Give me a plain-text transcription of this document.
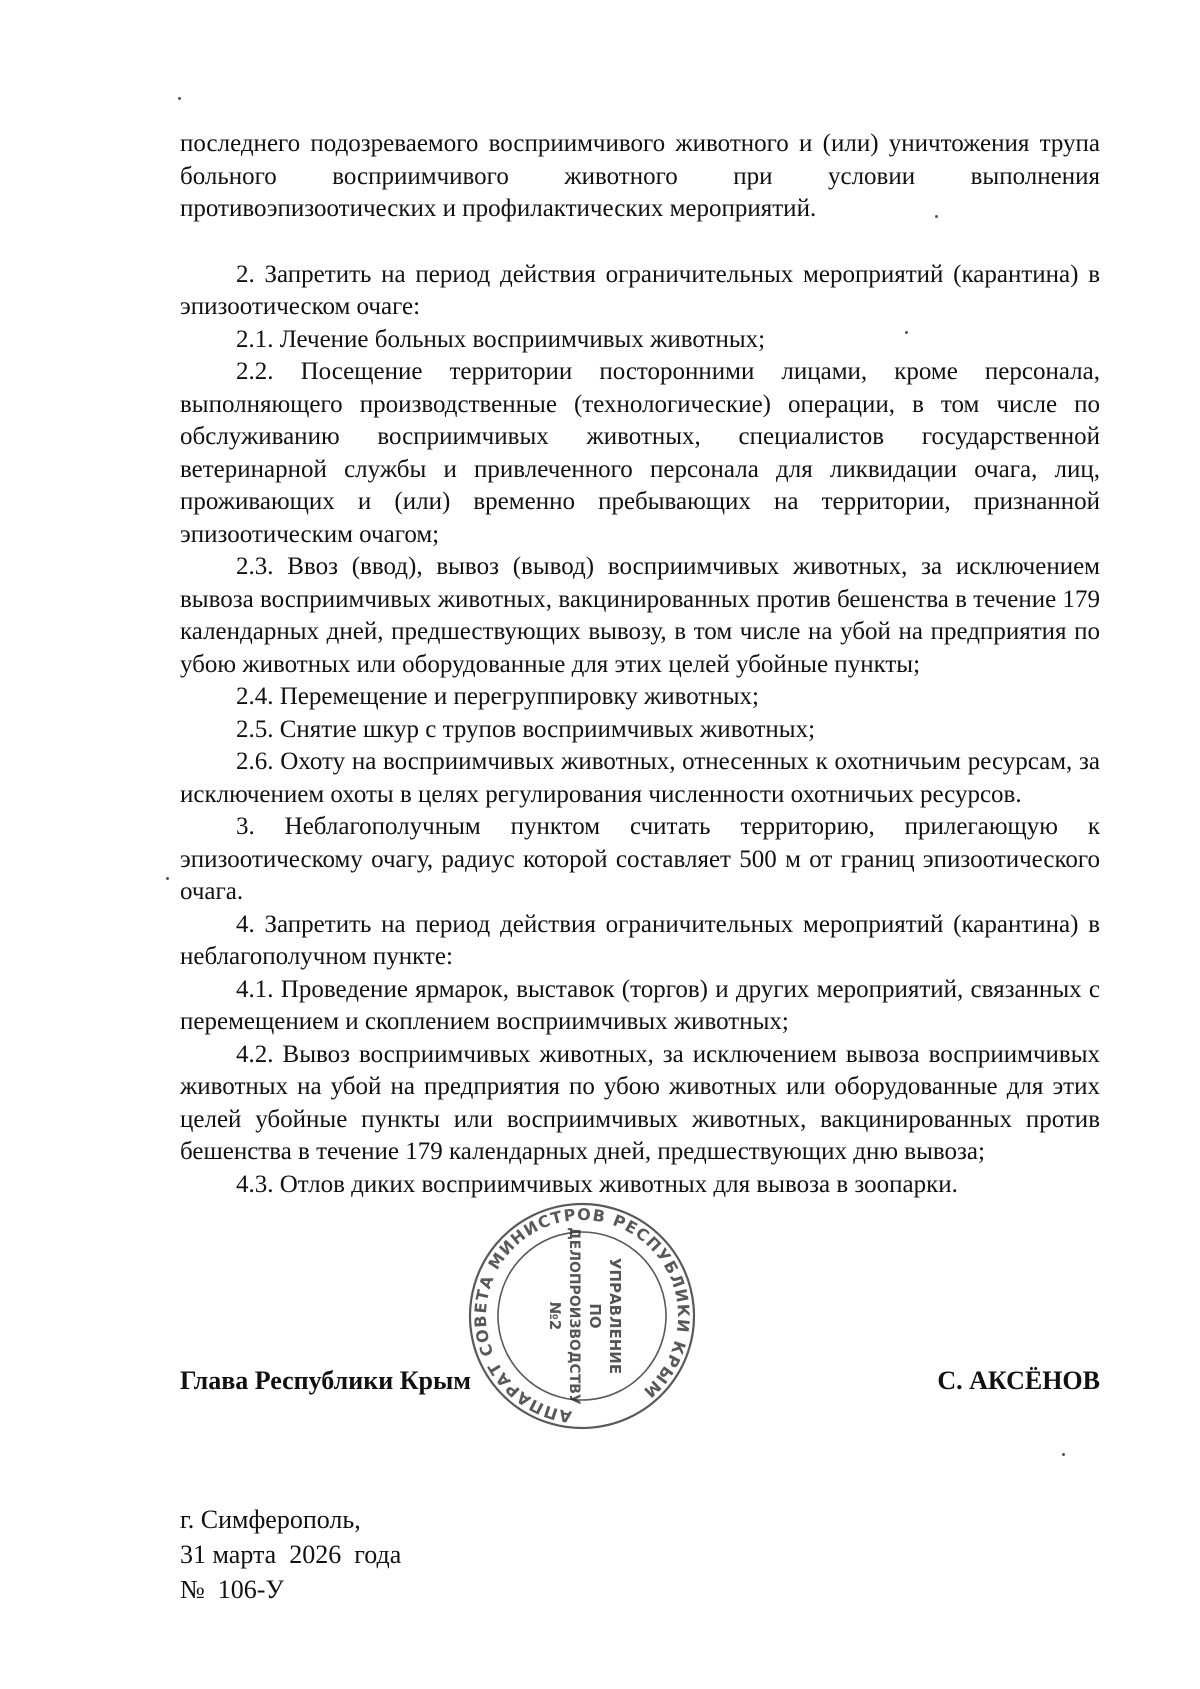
последнего подозреваемого восприимчивого животного и (или) уничтожения трупа больного восприимчивого животного при условии выполнения противоэпизоотических и профилактических мероприятий.

2. Запретить на период действия ограничительных мероприятий (карантина) в эпизоотическом очаге:

2.1. Лечение больных восприимчивых животных;

2.2. Посещение территории посторонними лицами, кроме персонала, выполняющего производственные (технологические) операции, в том числе по обслуживанию восприимчивых животных, специалистов государственной ветеринарной службы и привлеченного персонала для ликвидации очага, лиц, проживающих и (или) временно пребывающих на территории, признанной эпизоотическим очагом;

2.3. Ввоз (ввод), вывоз (вывод) восприимчивых животных, за исключением вывоза восприимчивых животных, вакцинированных против бешенства в течение 179 календарных дней, предшествующих вывозу, в том числе на убой на предприятия по убою животных или оборудованные для этих целей убойные пункты;

2.4. Перемещение и перегруппировку животных;

2.5. Снятие шкур с трупов восприимчивых животных;

2.6. Охоту на восприимчивых животных, отнесенных к охотничьим ресурсам, за исключением охоты в целях регулирования численности охотничьих ресурсов.

3. Неблагополучным пунктом считать территорию, прилегающую к эпизоотическому очагу, радиус которой составляет 500 м от границ эпизоотического очага.

4. Запретить на период действия ограничительных мероприятий (карантина) в неблагополучном пункте:

4.1. Проведение ярмарок, выставок (торгов) и других мероприятий, связанных с перемещением и скоплением восприимчивых животных;

4.2. Вывоз восприимчивых животных, за исключением вывоза восприимчивых животных на убой на предприятия по убою животных или оборудованные для этих целей убойные пункты или восприимчивых животных, вакцинированных против бешенства в течение 179 календарных дней, предшествующих дню вывоза;

4.3. Отлов диких восприимчивых животных для вывоза в зоопарки.

Глава Республики Крым	С. АКСЁНОВ
АППАРАТ СОВЕТА МИНИСТРОВ РЕСПУБЛИКИ КРЫМ
УПРАВЛЕНИЕ
ПО
ДЕЛОПРОИЗВОДСТВУ
№2
г. Симферополь,
31 марта  2026  года
№  106-У
